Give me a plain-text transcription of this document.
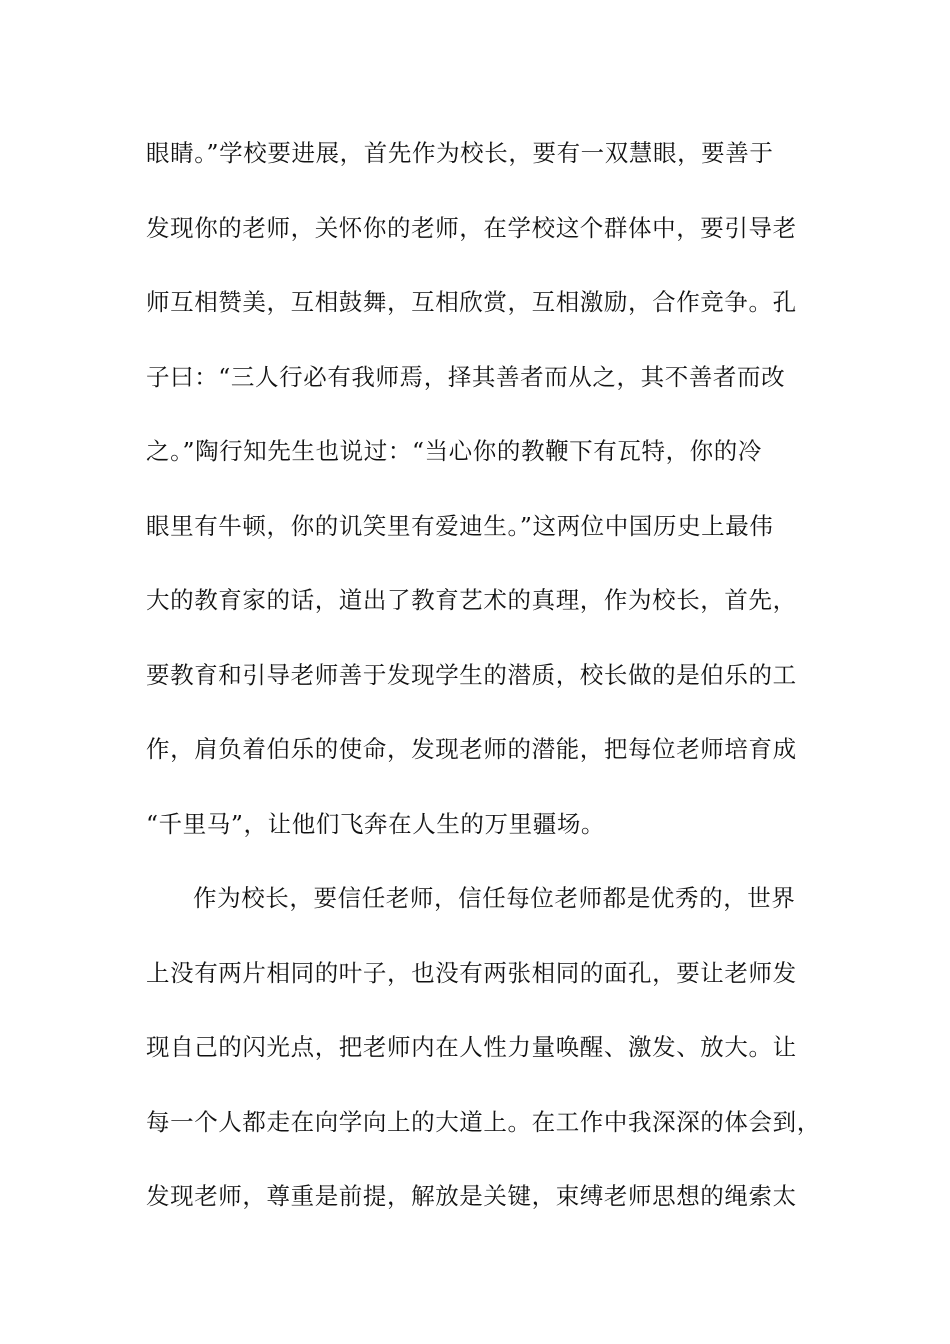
眼睛。”学校要进展，首先作为校长，要有一双慧眼，要善于
发现你的老师，关怀你的老师，在学校这个群体中，要引导老
师互相赞美，互相鼓舞，互相欣赏，互相激励，合作竞争。孔
子曰：“三人行必有我师焉，择其善者而从之，其不善者而改
之。”陶行知先生也说过：“当心你的教鞭下有瓦特，你的冷
眼里有牛顿，你的讥笑里有爱迪生。”这两位中国历史上最伟
大的教育家的话，道出了教育艺术的真理，作为校长，首先，
要教育和引导老师善于发现学生的潜质，校长做的是伯乐的工
作，肩负着伯乐的使命，发现老师的潜能，把每位老师培育成
“千里马”，让他们飞奔在人生的万里疆场。
作为校长，要信任老师，信任每位老师都是优秀的，世界
上没有两片相同的叶子，也没有两张相同的面孔，要让老师发
现自己的闪光点，把老师内在人性力量唤醒、激发、放大。让
每一个人都走在向学向上的大道上。在工作中我深深的体会到，
发现老师，尊重是前提，解放是关键，束缚老师思想的绳索太
